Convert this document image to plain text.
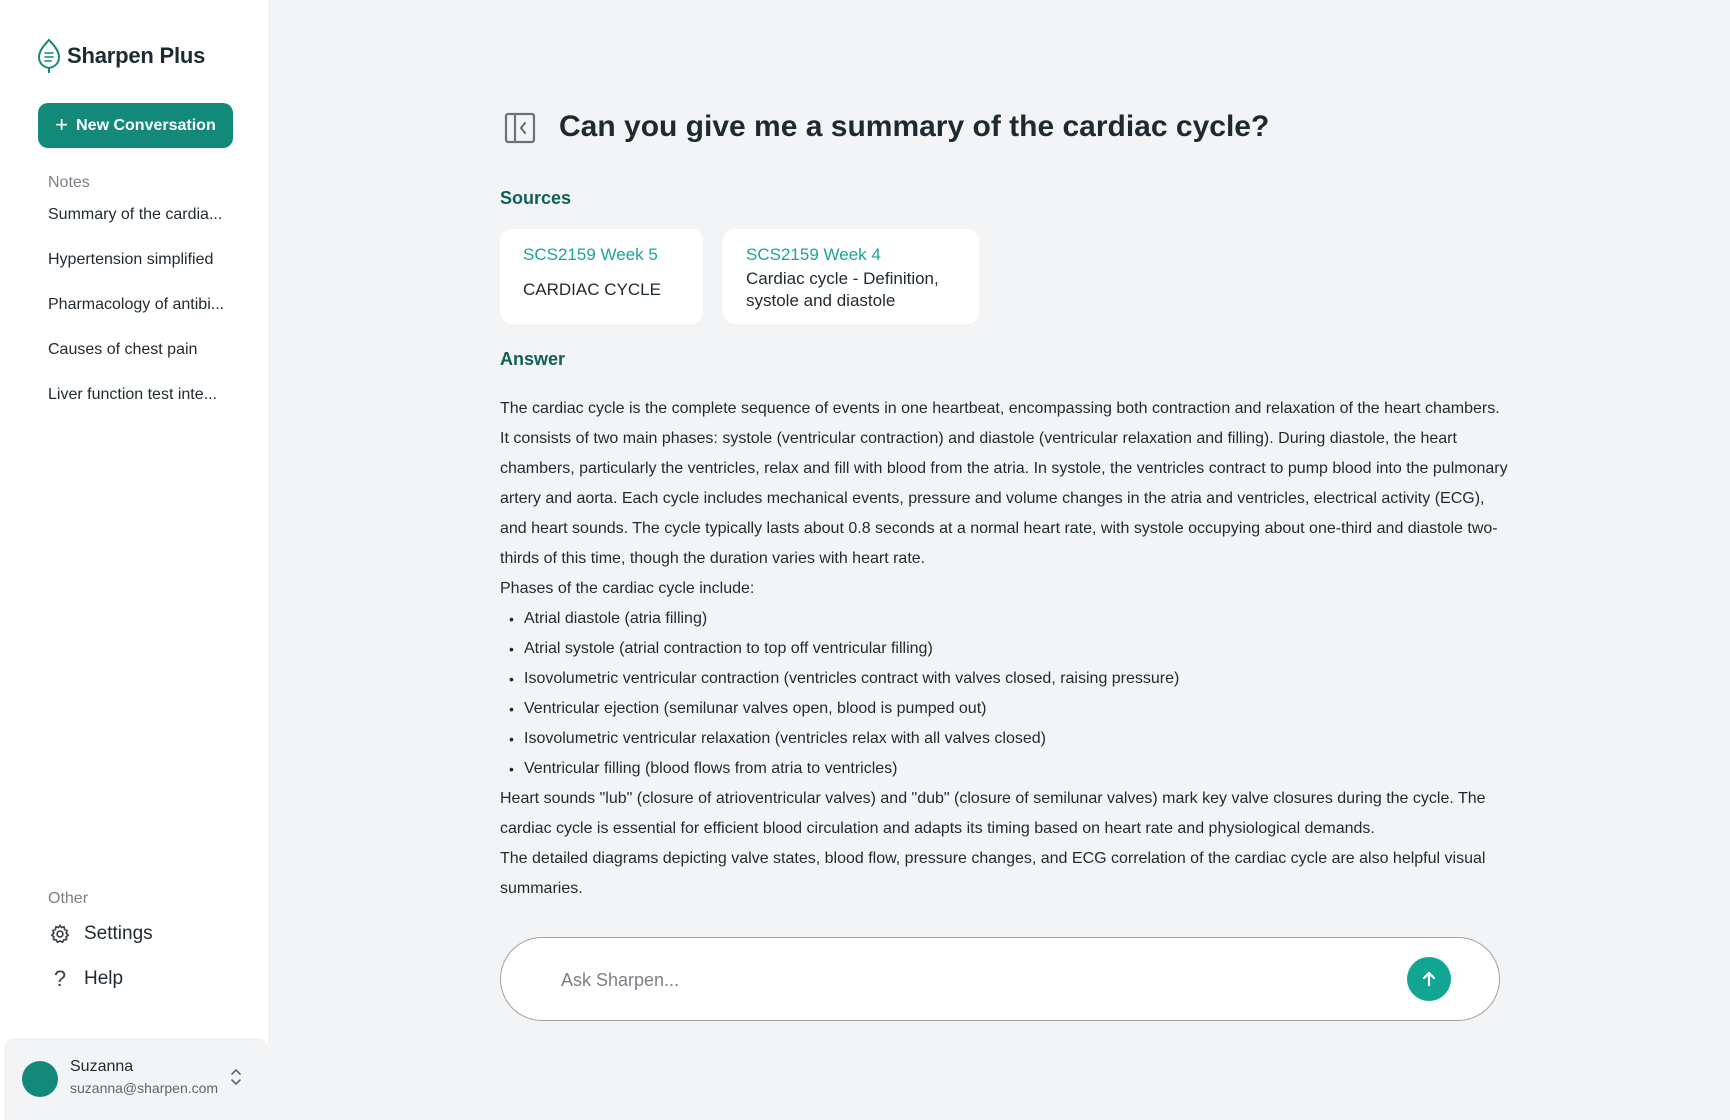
Sharpen Plus
+ New Conversation
Notes
Summary of the cardia...
Hypertension simplified
Pharmacology of antibi...
Causes of chest pain
Liver function test inte...
Other
Settings
? Help
Suzanna
suzanna@sharpen.com
Can you give me a summary of the cardiac cycle?
Sources
SCS2159 Week 5
CARDIAC CYCLE
SCS2159 Week 4
Cardiac cycle - Definition, systole and diastole
Answer

The cardiac cycle is the complete sequence of events in one heartbeat, encompassing both contraction and relaxation of the heart chambers. It consists of two main phases: systole (ventricular contraction) and diastole (ventricular relaxation and filling). During diastole, the heart chambers, particularly the ventricles, relax and fill with blood from the atria. In systole, the ventricles contract to pump blood into the pulmonary artery and aorta. Each cycle includes mechanical events, pressure and volume changes in the atria and ventricles, electrical activity (ECG), and heart sounds. The cycle typically lasts about 0.8 seconds at a normal heart rate, with systole occupying about one-third and diastole two-thirds of this time, though the duration varies with heart rate.

Phases of the cardiac cycle include:

• Atrial diastole (atria filling)
• Atrial systole (atrial contraction to top off ventricular filling)
• Isovolumetric ventricular contraction (ventricles contract with valves closed, raising pressure)
• Ventricular ejection (semilunar valves open, blood is pumped out)
• Isovolumetric ventricular relaxation (ventricles relax with all valves closed)
• Ventricular filling (blood flows from atria to ventricles)

Heart sounds "lub" (closure of atrioventricular valves) and "dub" (closure of semilunar valves) mark key valve closures during the cycle. The cardiac cycle is essential for efficient blood circulation and adapts its timing based on heart rate and physiological demands.

The detailed diagrams depicting valve states, blood flow, pressure changes, and ECG correlation of the cardiac cycle are also helpful visual summaries.

Ask Sharpen...
